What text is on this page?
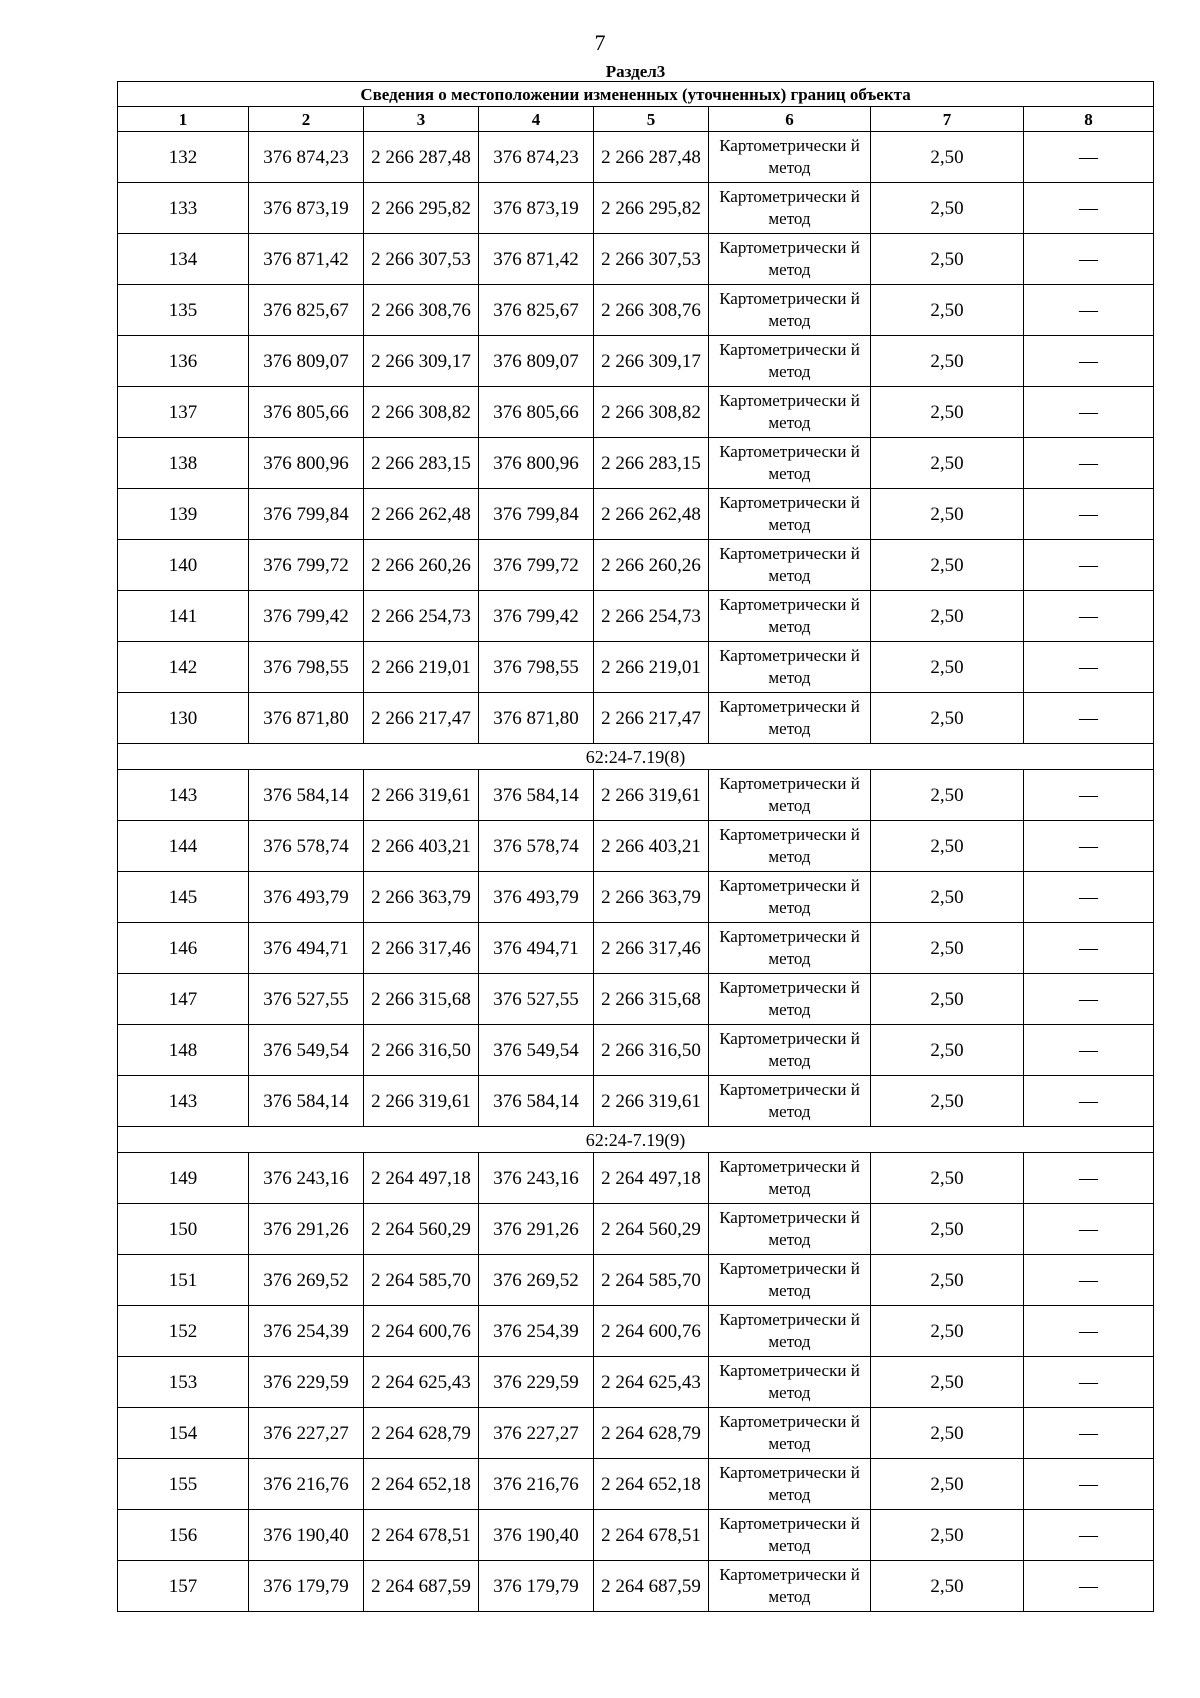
7
Раздел3
Сведения о местоположении измененных (уточненных) границ объекта							
1	2	3	4	5	6	7	8
132	376 874,23	2 266 287,48	376 874,23	2 266 287,48	Картометрически й метод	2,50	—
133	376 873,19	2 266 295,82	376 873,19	2 266 295,82	Картометрически й метод	2,50	—
134	376 871,42	2 266 307,53	376 871,42	2 266 307,53	Картометрически й метод	2,50	—
135	376 825,67	2 266 308,76	376 825,67	2 266 308,76	Картометрически й метод	2,50	—
136	376 809,07	2 266 309,17	376 809,07	2 266 309,17	Картометрически й метод	2,50	—
137	376 805,66	2 266 308,82	376 805,66	2 266 308,82	Картометрически й метод	2,50	—
138	376 800,96	2 266 283,15	376 800,96	2 266 283,15	Картометрически й метод	2,50	—
139	376 799,84	2 266 262,48	376 799,84	2 266 262,48	Картометрически й метод	2,50	—
140	376 799,72	2 266 260,26	376 799,72	2 266 260,26	Картометрически й метод	2,50	—
141	376 799,42	2 266 254,73	376 799,42	2 266 254,73	Картометрически й метод	2,50	—
142	376 798,55	2 266 219,01	376 798,55	2 266 219,01	Картометрически й метод	2,50	—
130	376 871,80	2 266 217,47	376 871,80	2 266 217,47	Картометрически й метод	2,50	—
62:24-7.19(8)							
143	376 584,14	2 266 319,61	376 584,14	2 266 319,61	Картометрически й метод	2,50	—
144	376 578,74	2 266 403,21	376 578,74	2 266 403,21	Картометрически й метод	2,50	—
145	376 493,79	2 266 363,79	376 493,79	2 266 363,79	Картометрически й метод	2,50	—
146	376 494,71	2 266 317,46	376 494,71	2 266 317,46	Картометрически й метод	2,50	—
147	376 527,55	2 266 315,68	376 527,55	2 266 315,68	Картометрически й метод	2,50	—
148	376 549,54	2 266 316,50	376 549,54	2 266 316,50	Картометрически й метод	2,50	—
143	376 584,14	2 266 319,61	376 584,14	2 266 319,61	Картометрически й метод	2,50	—
62:24-7.19(9)							
149	376 243,16	2 264 497,18	376 243,16	2 264 497,18	Картометрически й метод	2,50	—
150	376 291,26	2 264 560,29	376 291,26	2 264 560,29	Картометрически й метод	2,50	—
151	376 269,52	2 264 585,70	376 269,52	2 264 585,70	Картометрически й метод	2,50	—
152	376 254,39	2 264 600,76	376 254,39	2 264 600,76	Картометрически й метод	2,50	—
153	376 229,59	2 264 625,43	376 229,59	2 264 625,43	Картометрически й метод	2,50	—
154	376 227,27	2 264 628,79	376 227,27	2 264 628,79	Картометрически й метод	2,50	—
155	376 216,76	2 264 652,18	376 216,76	2 264 652,18	Картометрически й метод	2,50	—
156	376 190,40	2 264 678,51	376 190,40	2 264 678,51	Картометрически й метод	2,50	—
157	376 179,79	2 264 687,59	376 179,79	2 264 687,59	Картометрически й метод	2,50	—
